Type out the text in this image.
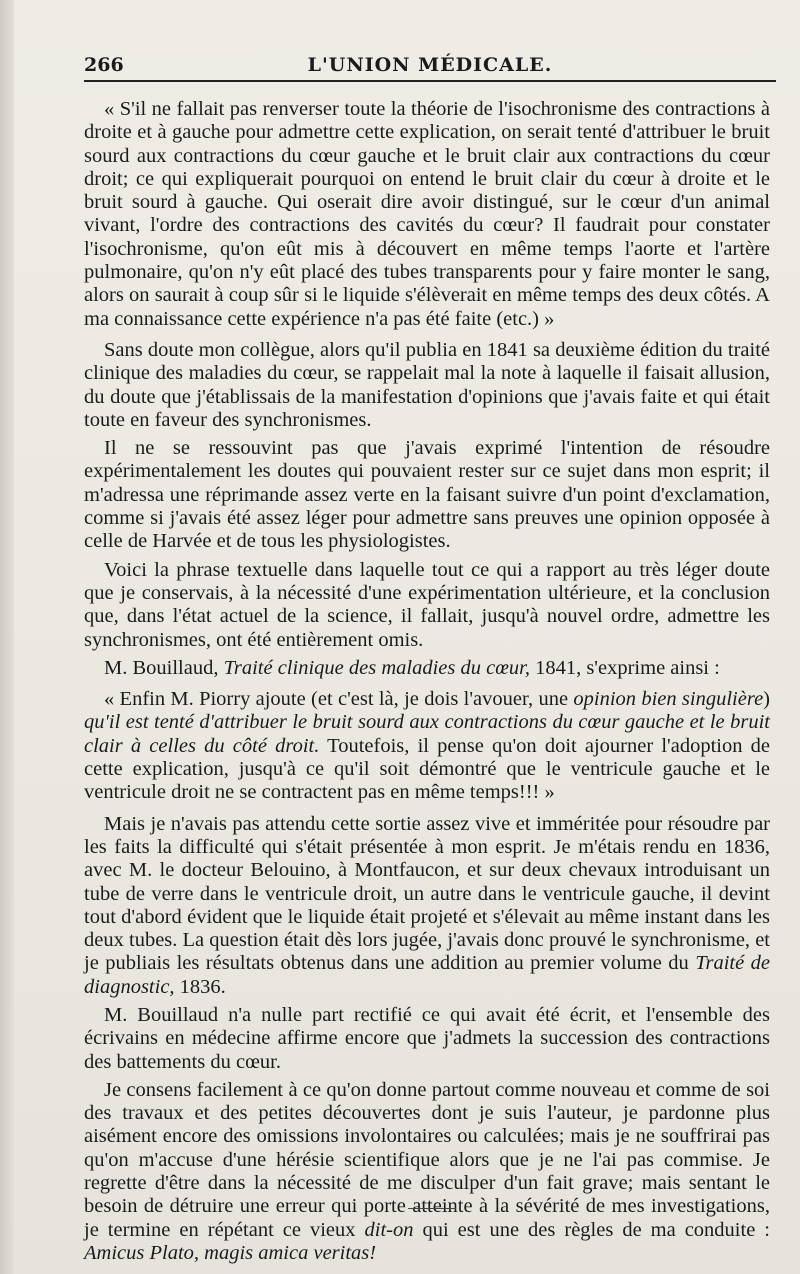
266	L'UNION MÉDICALE.

« S'il ne fallait pas renverser toute la théorie de l'isochronisme des contractions à droite et à gauche pour admettre cette explication, on serait tenté d'attribuer le bruit sourd aux contractions du cœur gauche et le bruit clair aux contractions du cœur droit; ce qui expliquerait pourquoi on entend le bruit clair du cœur à droite et le bruit sourd à gauche. Qui oserait dire avoir distingué, sur le cœur d'un animal vivant, l'ordre des contractions des cavités du cœur? Il faudrait pour constater l'isochronisme, qu'on eût mis à découvert en même temps l'aorte et l'artère pulmonaire, qu'on n'y eût placé des tubes transparents pour y faire monter le sang, alors on saurait à coup sûr si le liquide s'élèverait en même temps des deux côtés. A ma connaissance cette expérience n'a pas été faite (etc.) »

Sans doute mon collègue, alors qu'il publia en 1841 sa deuxième édition du traité clinique des maladies du cœur, se rappelait mal la note à laquelle il faisait allusion, du doute que j'établissais de la manifestation d'opinions que j'avais faite et qui était toute en faveur des synchronismes.

Il ne se ressouvint pas que j'avais exprimé l'intention de résoudre expérimentalement les doutes qui pouvaient rester sur ce sujet dans mon esprit; il m'adressa une réprimande assez verte en la faisant suivre d'un point d'exclamation, comme si j'avais été assez léger pour admettre sans preuves une opinion opposée à celle de Harvée et de tous les physiologistes.

Voici la phrase textuelle dans laquelle tout ce qui a rapport au très léger doute que je conservais, à la nécessité d'une expérimentation ultérieure, et la conclusion que, dans l'état actuel de la science, il fallait, jusqu'à nouvel ordre, admettre les synchronismes, ont été entièrement omis.

M. Bouillaud, Traité clinique des maladies du cœur, 1841, s'exprime ainsi :

« Enfin M. Piorry ajoute (et c'est là, je dois l'avouer, une opinion bien singulière) qu'il est tenté d'attribuer le bruit sourd aux contractions du cœur gauche et le bruit clair à celles du côté droit. Toutefois, il pense qu'on doit ajourner l'adoption de cette explication, jusqu'à ce qu'il soit démontré que le ventricule gauche et le ventricule droit ne se contractent pas en même temps!!! »

Mais je n'avais pas attendu cette sortie assez vive et imméritée pour résoudre par les faits la difficulté qui s'était présentée à mon esprit. Je m'étais rendu en 1836, avec M. le docteur Belouino, à Montfaucon, et sur deux chevaux introduisant un tube de verre dans le ventricule droit, un autre dans le ventricule gauche, il devint tout d'abord évident que le liquide était projeté et s'élevait au même instant dans les deux tubes. La question était dès lors jugée, j'avais donc prouvé le synchronisme, et je publiais les résultats obtenus dans une addition au premier volume du Traité de diagnostic, 1836.

M. Bouillaud n'a nulle part rectifié ce qui avait été écrit, et l'ensemble des écrivains en médecine affirme encore que j'admets la succession des contractions des battements du cœur.

Je consens facilement à ce qu'on donne partout comme nouveau et comme de soi des travaux et des petites découvertes dont je suis l'auteur, je pardonne plus aisément encore des omissions involontaires ou calculées; mais je ne souffrirai pas qu'on m'accuse d'une hérésie scientifique alors que je ne l'ai pas commise. Je regrette d'être dans la nécessité de me disculper d'un fait grave; mais sentant le besoin de détruire une erreur qui porte atteinte à la sévérité de mes investigations, je termine en répétant ce vieux dit-on qui est une des règles de ma conduite : Amicus Plato, magis amica veritas!
